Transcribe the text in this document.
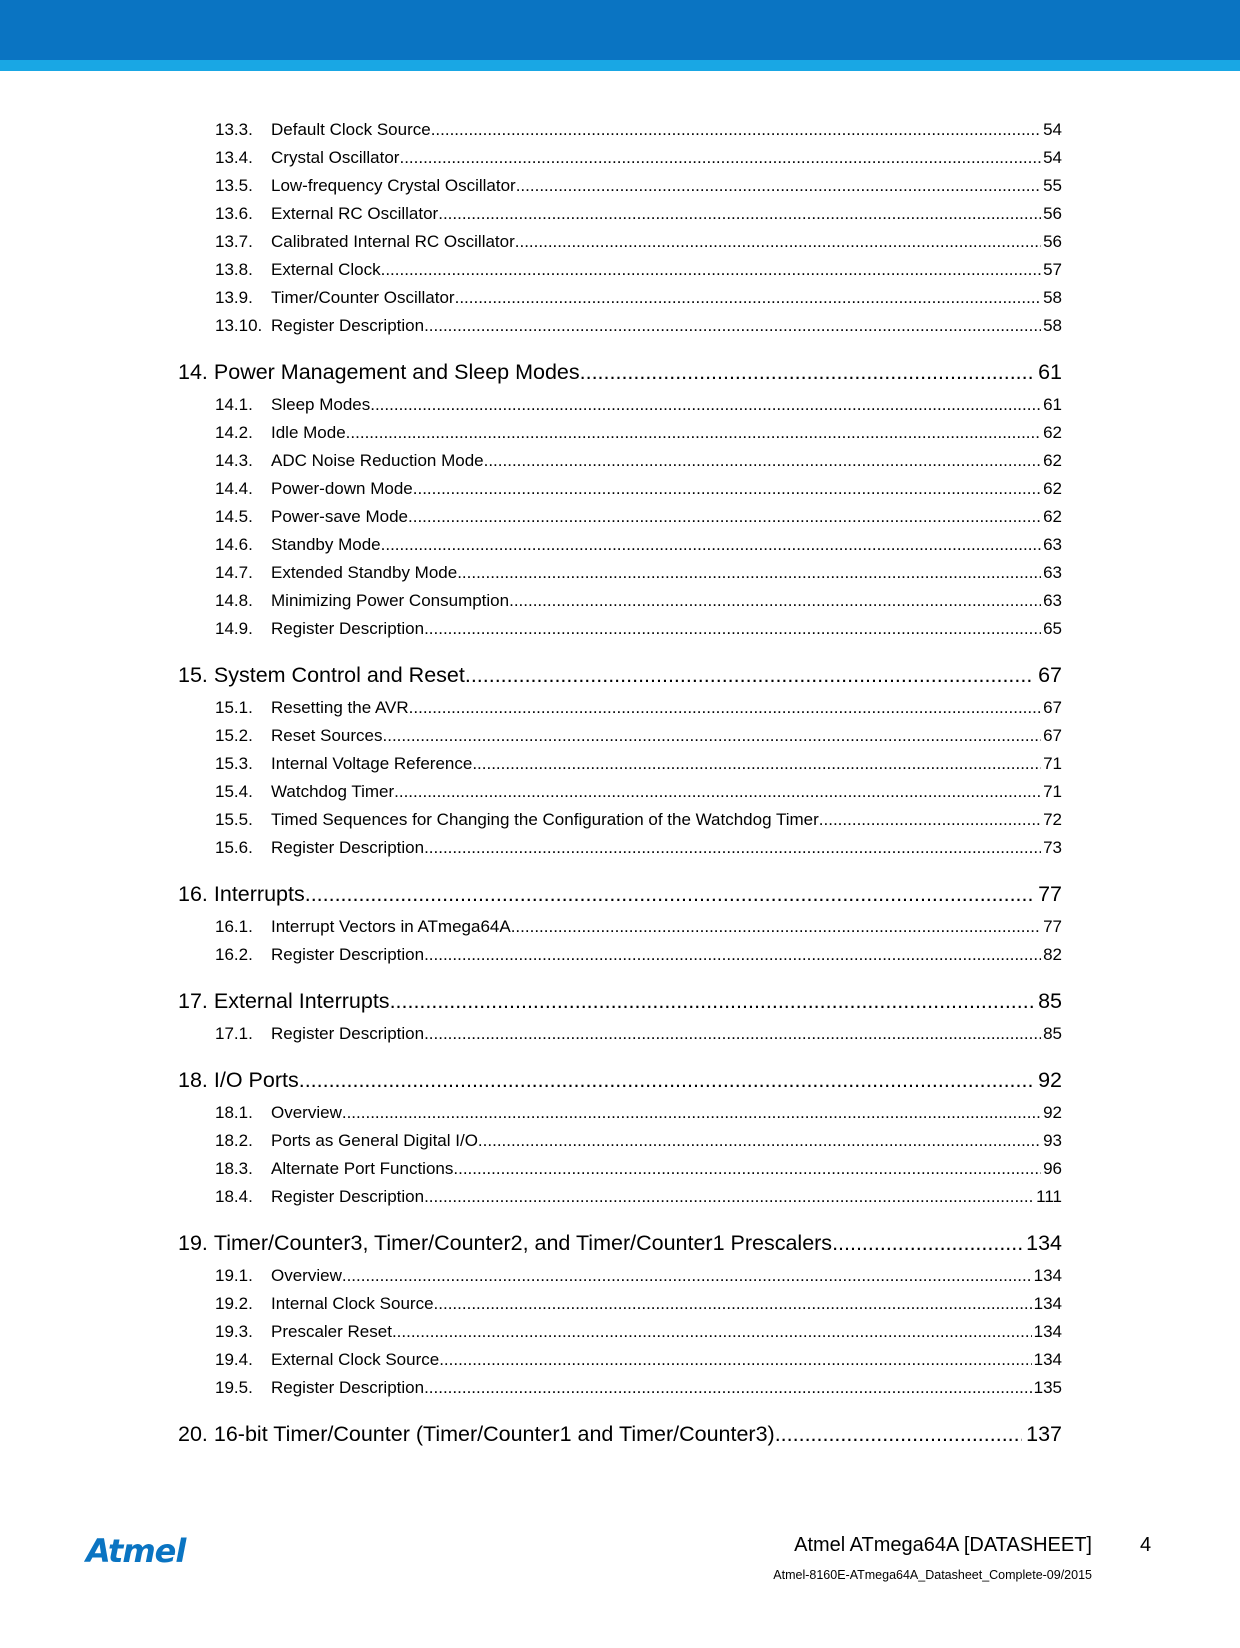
13.3.	Default Clock Source .....	54
13.4.	Crystal Oscillator .....	54
13.5.	Low-frequency Crystal Oscillator .....	55
13.6.	External RC Oscillator .....	56
13.7.	Calibrated Internal RC Oscillator .....	56
13.8.	External Clock .....	57
13.9.	Timer/Counter Oscillator .....	58
13.10. Register Description .....	58
14. Power Management and Sleep Modes .....	61
14.1.	Sleep Modes .....	61
14.2.	Idle Mode .....	62
14.3.	ADC Noise Reduction Mode .....	62
14.4.	Power-down Mode .....	62
14.5.	Power-save Mode .....	62
14.6.	Standby Mode .....	63
14.7.	Extended Standby Mode .....	63
14.8.	Minimizing Power Consumption .....	63
14.9.	Register Description .....	65
15. System Control and Reset .....	67
15.1.	Resetting the AVR .....	67
15.2.	Reset Sources .....	67
15.3.	Internal Voltage Reference .....	71
15.4.	Watchdog Timer .....	71
15.5.	Timed Sequences for Changing the Configuration of the Watchdog Timer .....	72
15.6.	Register Description .....	73
16. Interrupts .....	77
16.1.	Interrupt Vectors in ATmega64A .....	77
16.2.	Register Description .....	82
17. External Interrupts .....	85
17.1.	Register Description .....	85
18. I/O Ports .....	92
18.1.	Overview .....	92
18.2.	Ports as General Digital I/O .....	93
18.3.	Alternate Port Functions .....	96
18.4.	Register Description .....	111
19. Timer/Counter3, Timer/Counter2, and Timer/Counter1 Prescalers .....	134
19.1.	Overview .....	134
19.2.	Internal Clock Source .....	134
19.3.	Prescaler Reset .....	134
19.4.	External Clock Source .....	134
19.5.	Register Description .....	135
20. 16-bit Timer/Counter (Timer/Counter1 and Timer/Counter3) .....	137
Atmel	Atmel ATmega64A [DATASHEET] 4
Atmel-8160E-ATmega64A_Datasheet_Complete-09/2015
